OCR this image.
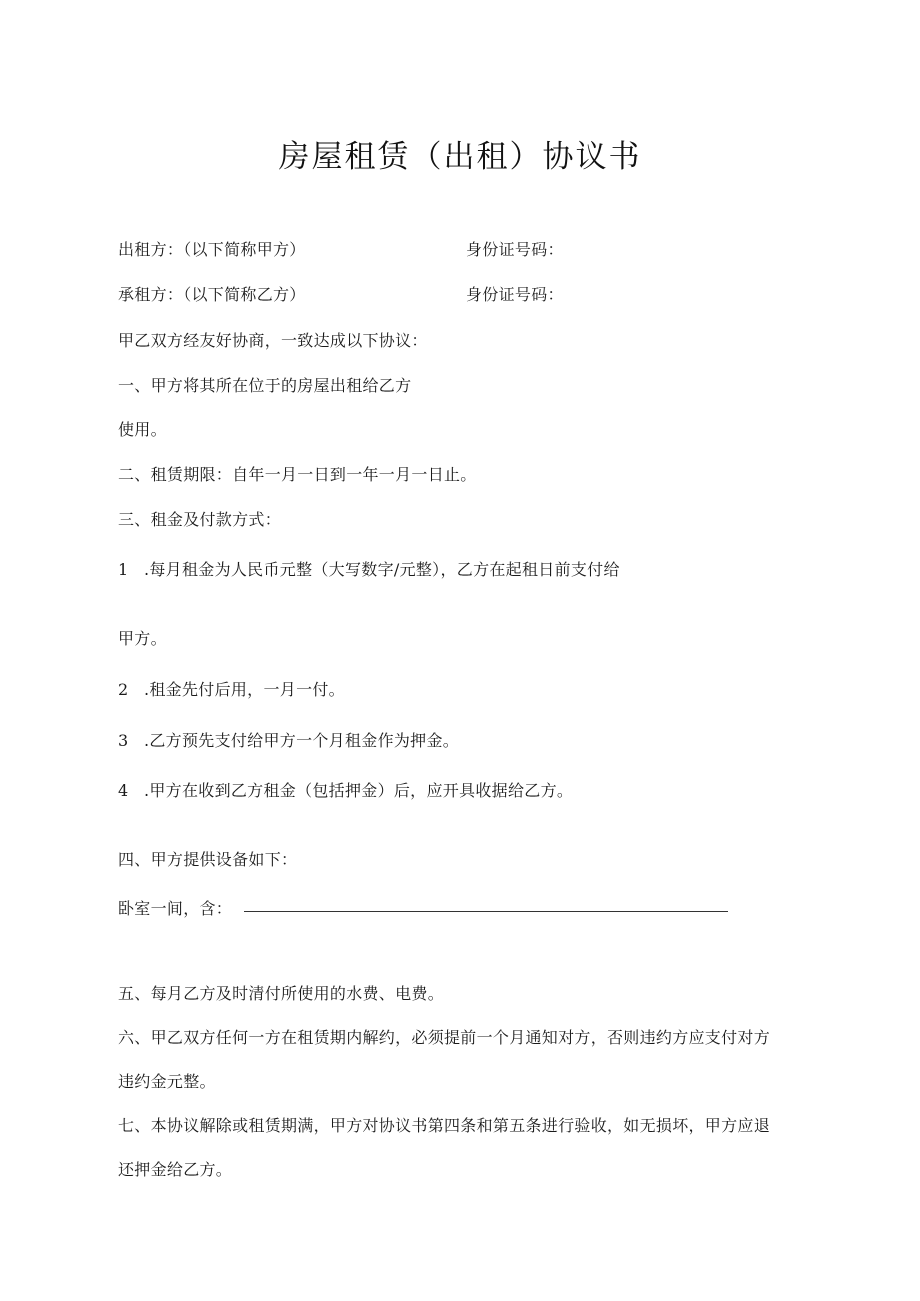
房屋租赁（出租）协议书
出租方：（以下简称甲方）	身份证号码：
承租方：（以下简称乙方）	身份证号码：
甲乙双方经友好协商，一致达成以下协议：
一、甲方将其所在位于的房屋出租给乙方
使用。
二、租赁期限：自年一月一日到一年一月一日止。
三、租金及付款方式：
1 .每月租金为人民币元整（大写数字/元整），乙方在起租日前支付给
甲方。
2 .租金先付后用，一月一付。
3 .乙方预先支付给甲方一个月租金作为押金。
4 .甲方在收到乙方租金（包括押金）后，应开具收据给乙方。
四、甲方提供设备如下：
卧室一间，含：
五、每月乙方及时清付所使用的水费、电费。
六、甲乙双方任何一方在租赁期内解约，必须提前一个月通知对方，否则违约方应支付对方
违约金元整。
七、本协议解除或租赁期满，甲方对协议书第四条和第五条进行验收，如无损坏，甲方应退
还押金给乙方。
